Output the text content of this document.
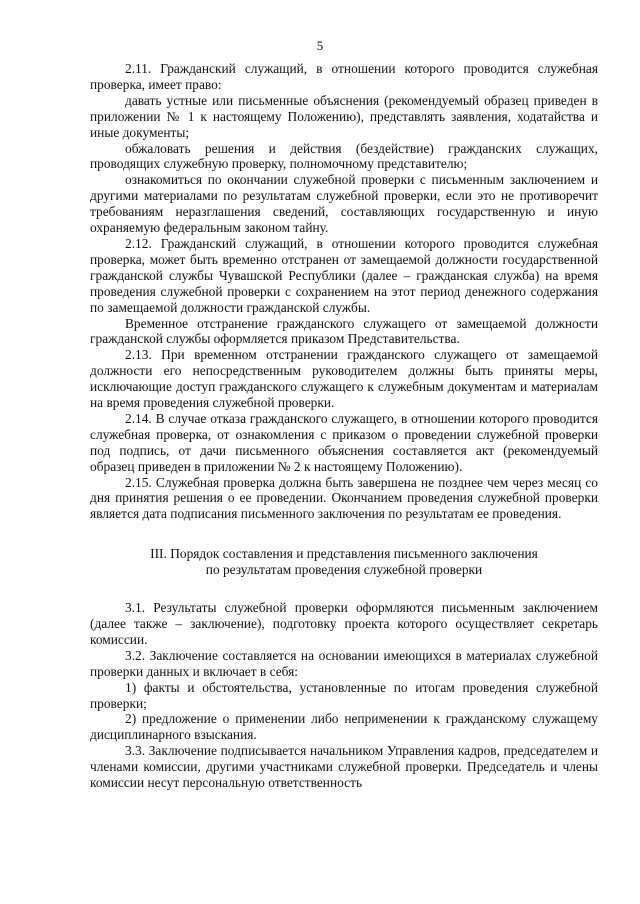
5

2.11. Гражданский служащий, в отношении которого проводится служебная проверка, имеет право:

давать устные или письменные объяснения (рекомендуемый образец приведен в приложении № 1 к настоящему Положению), представлять заявления, ходатайства и иные документы;

обжаловать решения и действия (бездействие) гражданских служащих, проводящих служебную проверку, полномочному представителю;

ознакомиться по окончании служебной проверки с письменным заключением и другими материалами по результатам служебной проверки, если это не противоречит требованиям неразглашения сведений, составляющих государственную и иную охраняемую федеральным законом тайну.

2.12. Гражданский служащий, в отношении которого проводится служебная проверка, может быть временно отстранен от замещаемой должности государственной гражданской службы Чувашской Республики (далее – гражданская служба) на время проведения служебной проверки с сохранением на этот период денежного содержания по замещаемой должности гражданской службы.

Временное отстранение гражданского служащего от замещаемой должности гражданской службы оформляется приказом Представительства.

2.13. При временном отстранении гражданского служащего от замещаемой должности его непосредственным руководителем должны быть приняты меры, исключающие доступ гражданского служащего к служебным документам и материалам на время проведения служебной проверки.

2.14. В случае отказа гражданского служащего, в отношении которого проводится служебная проверка, от ознакомления с приказом о проведении служебной проверки под подпись, от дачи письменного объяснения составляется акт (рекомендуемый образец приведен в приложении № 2 к настоящему Положению).

2.15. Служебная проверка должна быть завершена не позднее чем через месяц со дня принятия решения о ее проведении. Окончанием проведения служебной проверки является дата подписания письменного заключения по результатам ее проведения.

III. Порядок составления и представления письменного заключения
по результатам проведения служебной проверки

3.1. Результаты служебной проверки оформляются письменным заключением (далее также – заключение), подготовку проекта которого осуществляет секретарь комиссии.

3.2. Заключение составляется на основании имеющихся в материалах служебной проверки данных и включает в себя:

1) факты и обстоятельства, установленные по итогам проведения служебной проверки;

2) предложение о применении либо неприменении к гражданскому служащему дисциплинарного взыскания.

3.3. Заключение подписывается начальником Управления кадров, председателем и членами комиссии, другими участниками служебной проверки. Председатель и члены комиссии несут персональную ответственность
